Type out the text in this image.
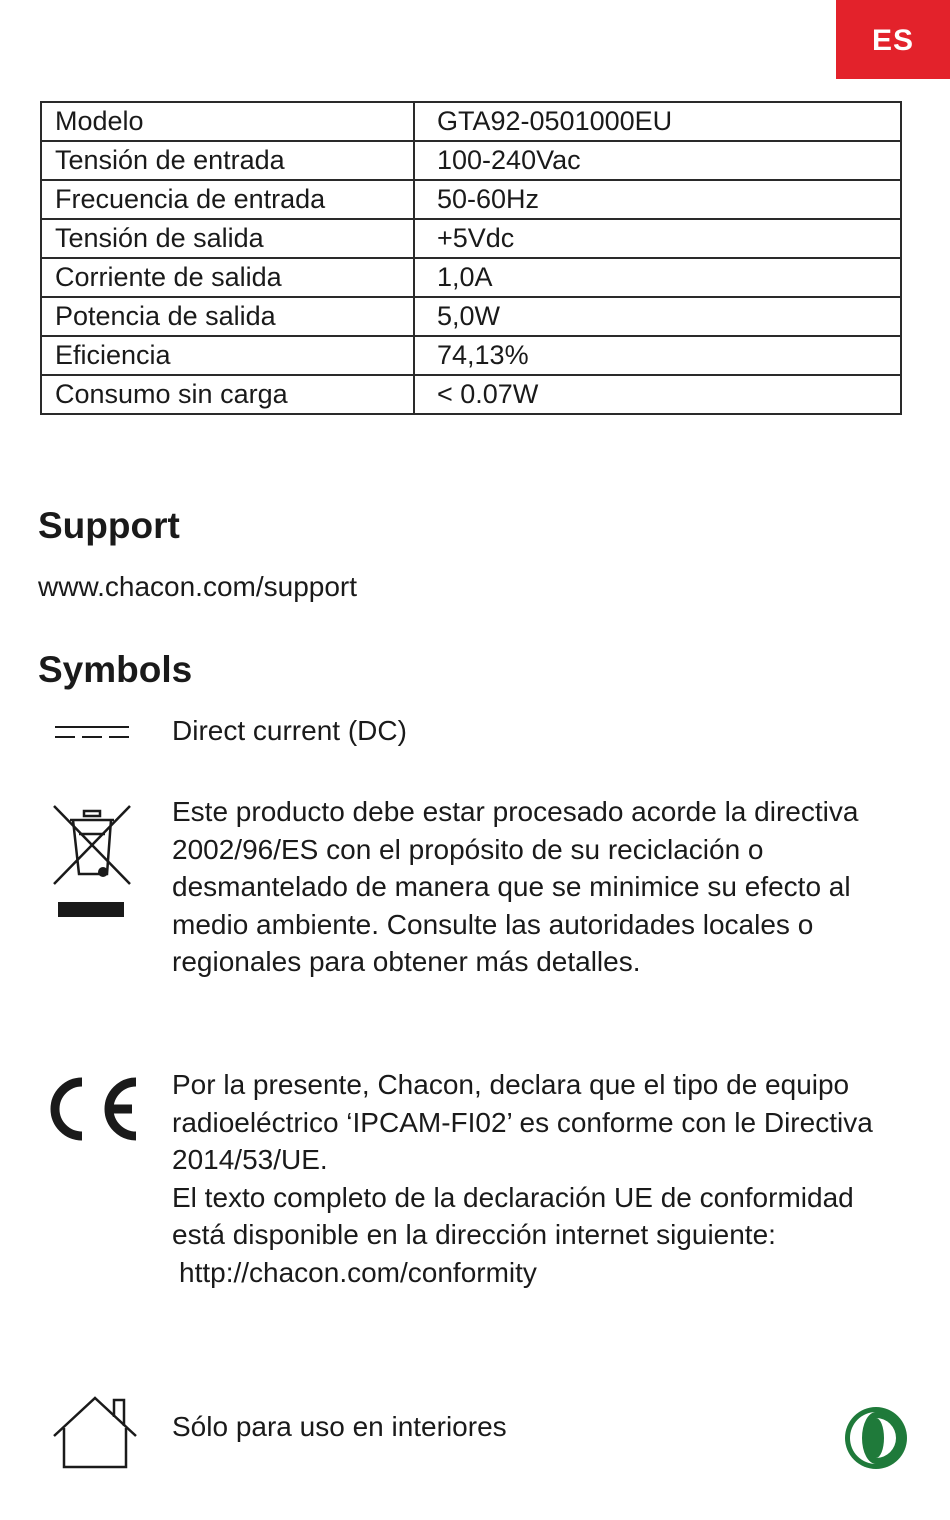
ES
Modelo	GTA92-0501000EU
Tensión de entrada	100-240Vac
Frecuencia de entrada	50-60Hz
Tensión de salida	+5Vdc
Corriente de salida	1,0A
Potencia de salida	5,0W
Eficiencia	74,13%
Consumo sin carga	< 0.07W
Support
www.chacon.com/support
Symbols
Direct current (DC)
Este producto debe estar procesado acorde la directiva 2002/96/ES con el propósito de su reciclación o desmantelado de manera que se minimice su efecto al medio ambiente. Consulte las autoridades locales o regionales para obtener más detalles.
Por la presente, Chacon, declara que el tipo de equipo radioeléctrico ‘IPCAM-FI02’ es conforme con le Directiva 2014/53/UE.
El texto completo de la declaración UE de conformidad está disponible en la dirección internet siguiente:
http://chacon.com/conformity
Sólo para uso en interiores
